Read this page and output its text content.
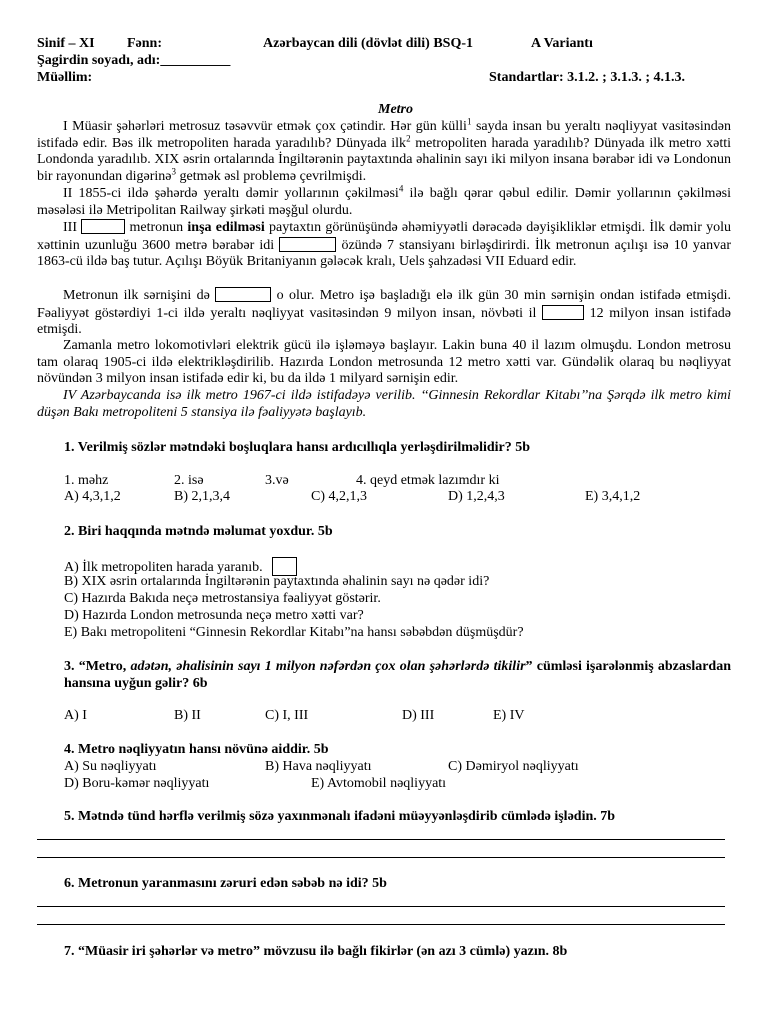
Sinif – XI Fənn:	Azərbaycan dili (dövlət dili) BSQ-1	A Variantı
Şagirdin soyadı, adı:__________
Müəllim:	Standartlar: 3.1.2. ; 3.1.3. ; 4.1.3.
Metro
I Müasir şəhərləri metrosuz təsəvvür etmək çox çətindir. Hər gün külli$^1$ sayda insan bu yeraltı nəqliyyat vasitəsindən istifadə edir. Bəs ilk metropoliten harada yaradılıb? Dünyada ilk$^2$ metropoliten harada yaradılıb? Dünyada ilk metro xətti Londonda yaradılıb. XIX əsrin ortalarında İngiltərənin paytaxtında əhalinin sayı iki milyon insana bərabər idi və Londonun bir rayonundan digərinə$^3$ getmək əsl problemə çevrilmişdi.
II 1855-ci ildə şəhərdə yeraltı dəmir yollarının çəkilməsi$^4$ ilə bağlı qərar qəbul edilir. Dəmir yollarının çəkilməsi məsələsi ilə Metripolitan Railway şirkəti məşğul olurdu.
III	metronun inşa edilməsi paytaxtın görünüşündə əhəmiyyətli dərəcədə dəyişikliklər etmişdi. İlk dəmir yolu xəttinin uzunluğu 3600 metrə bərabər idi	özündə 7 stansiyanı birləşdirirdi. İlk metronun açılışı isə 10 yanvar 1863-cü ildə baş tutur. Açılışı Böyük Britaniyanın gələcək kralı, Uels şahzadəsi VII Eduard edir.
Metronun ilk sərnişini də	o olur. Metro işə başladığı elə ilk gün 30 min sərnişin ondan istifadə etmişdi. Fəaliyyət göstərdiyi 1-ci ildə yeraltı nəqliyyat vasitəsindən 9 milyon insan, növbəti il	12 milyon insan istifadə etmişdi.
Zamanla metro lokomotivləri elektrik gücü ilə işləməyə başlayır. Lakin buna 40 il lazım olmuşdu. London metrosu tam olaraq 1905-ci ildə elektrikləşdirilib. Hazırda London metrosunda 12 metro xətti var. Gündəlik olaraq bu nəqliyyat növündən 3 milyon insan istifadə edir ki, bu da ildə 1 milyard sərnişin edir.
IV Azərbaycanda isə ilk metro 1967-ci ildə istifadəyə verilib. ‘‘Ginnesin Rekordlar Kitabı’’na Şərqdə ilk metro kimi düşən Bakı metropoliteni 5 stansiya ilə fəaliyyətə başlayıb.
1. Verilmiş sözlər mətndəki boşluqlara hansı ardıcıllıqla yerləşdirilməlidir? 5b
1. məhz	2. isə	3.və	4. qeyd etmək lazımdır ki
A) 4,3,1,2	B) 2,1,3,4	C) 4,2,1,3	D) 1,2,4,3	E) 3,4,1,2
2. Biri haqqında mətndə məlumat yoxdur. 5b
A) İlk metropoliten harada yaranıb.
B) XIX əsrin ortalarında İngiltərənin paytaxtında əhalinin sayı nə qədər idi?
C) Hazırda Bakıda neçə metrostansiya fəaliyyət göstərir.
D) Hazırda London metrosunda neçə metro xətti var?
E) Bakı metropoliteni “Ginnesin Rekordlar Kitabı”na hansı səbəbdən düşmüşdür?
3. “Metro, adətən, əhalisinin sayı 1 milyon nəfərdən çox olan şəhərlərdə tikilir” cümləsi işarələnmiş abzaslardan hansına uyğun gəlir? 6b
A) I	B) II	C) I, III	D) III	E) IV
4. Metro nəqliyyatın hansı növünə aiddir. 5b
A) Su nəqliyyatı	B) Hava nəqliyyatı	C) Dəmiryol nəqliyyatı
D) Boru-kəmər nəqliyyatı	E) Avtomobil nəqliyyatı
5. Mətndə tünd hərflə verilmiş sözə yaxınmənalı ifadəni müəyyənləşdirib cümlədə işlədin. 7b
6. Metronun yaranmasını zəruri edən səbəb nə idi? 5b
7. “Müasir iri şəhərlər və metro” mövzusu ilə bağlı fikirlər (ən azı 3 cümlə) yazın. 8b
